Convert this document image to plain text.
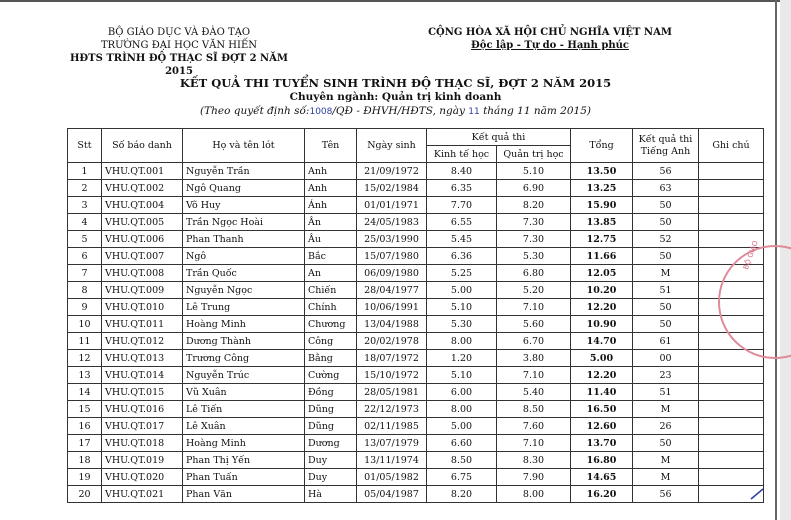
BỘ GIÁO DỤC VÀ ĐÀO TẠO
TRƯỜNG ĐẠI HỌC VĂN HIẾN
HĐTS TRÌNH ĐỘ THẠC SĨ ĐỢT 2 NĂM 2015
CỘNG HÒA XÃ HỘI CHỦ NGHĨA VIỆT NAM
Độc lập - Tự do - Hạnh phúc
KẾT QUẢ THI TUYỂN SINH TRÌNH ĐỘ THẠC SĨ, ĐỢT 2 NĂM 2015
Chuyên ngành: Quản trị kinh doanh
(Theo quyết định số:1008/QĐ - ĐHVH/HĐTS, ngày 11 tháng 11 năm 2015)
Stt	Số báo danh	Họ và tên lót	Tên	Ngày sinh	Kết quả thi		Tổng	Kết quả thi Tiếng Anh	Ghi chú
					Kinh tế học	Quản trị học			
1	VHU.QT.001	Nguyễn Trần	Anh	21/09/1972	8.40	5.10	13.50	56	
2	VHU.QT.002	Ngô Quang	Anh	15/02/1984	6.35	6.90	13.25	63	
3	VHU.QT.004	Võ Huy	Ánh	01/01/1971	7.70	8.20	15.90	50	
4	VHU.QT.005	Trần Ngọc Hoài	Ân	24/05/1983	6.55	7.30	13.85	50	
5	VHU.QT.006	Phan Thanh	Âu	25/03/1990	5.45	7.30	12.75	52	
6	VHU.QT.007	Ngô	Bắc	15/07/1980	6.36	5.30	11.66	50	
7	VHU.QT.008	Trần Quốc	An	06/09/1980	5.25	6.80	12.05	M	
8	VHU.QT.009	Nguyễn Ngọc	Chiến	28/04/1977	5.00	5.20	10.20	51	
9	VHU.QT.010	Lê Trung	Chính	10/06/1991	5.10	7.10	12.20	50	
10	VHU.QT.011	Hoàng Minh	Chương	13/04/1988	5.30	5.60	10.90	50	
11	VHU.QT.012	Dương Thành	Công	20/02/1978	8.00	6.70	14.70	61	
12	VHU.QT.013	Trương Công	Bằng	18/07/1972	1.20	3.80	5.00	00	
13	VHU.QT.014	Nguyễn Trúc	Cường	15/10/1972	5.10	7.10	12.20	23	
14	VHU.QT.015	Vũ Xuân	Đồng	28/05/1981	6.00	5.40	11.40	51	
15	VHU.QT.016	Lê Tiến	Dũng	22/12/1973	8.00	8.50	16.50	M	
16	VHU.QT.017	Lê Xuân	Dũng	02/11/1985	5.00	7.60	12.60	26	
17	VHU.QT.018	Hoàng Minh	Dương	13/07/1979	6.60	7.10	13.70	50	
18	VHU.QT.019	Phan Thị Yến	Duy	13/11/1974	8.50	8.30	16.80	M	
19	VHU.QT.020	Phan Tuấn	Duy	01/05/1982	6.75	7.90	14.65	M	
20	VHU.QT.021	Phan Văn	Hà	05/04/1987	8.20	8.00	16.20	56	
BỘ GIÁO
